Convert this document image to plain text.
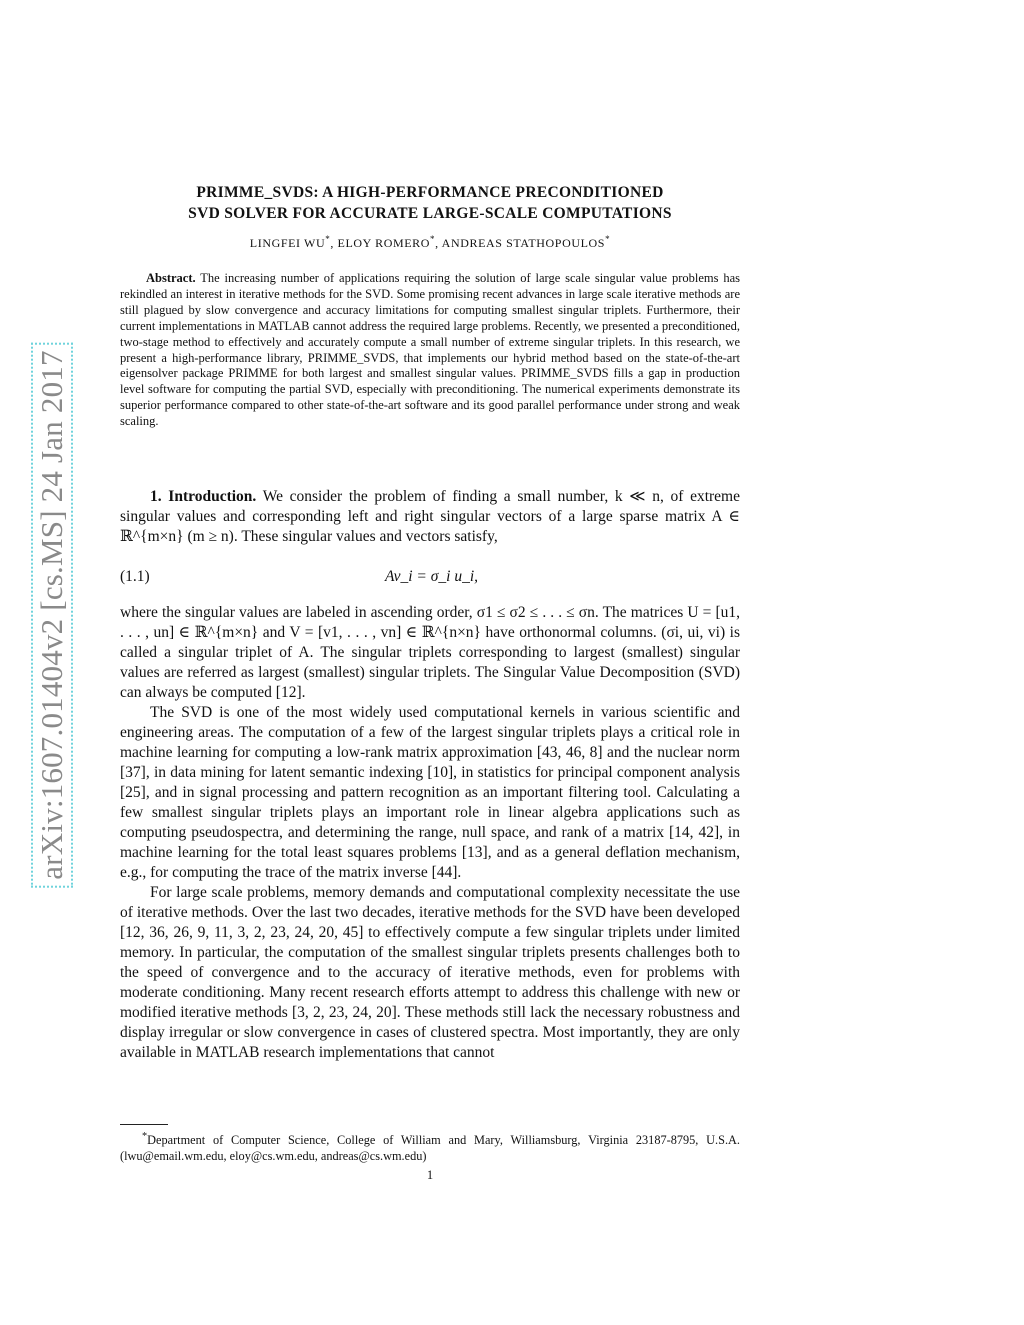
arXiv:1607.01404v2 [cs.MS] 24 Jan 2017
PRIMME_SVDS: A HIGH-PERFORMANCE PRECONDITIONED
SVD SOLVER FOR ACCURATE LARGE-SCALE COMPUTATIONS
LINGFEI WU*, ELOY ROMERO*, ANDREAS STATHOPOULOS*
Abstract. The increasing number of applications requiring the solution of large scale singular value problems has rekindled an interest in iterative methods for the SVD. Some promising recent advances in large scale iterative methods are still plagued by slow convergence and accuracy limitations for computing smallest singular triplets. Furthermore, their current implementations in MATLAB cannot address the required large problems. Recently, we presented a preconditioned, two-stage method to effectively and accurately compute a small number of extreme singular triplets. In this research, we present a high-performance library, PRIMME_SVDS, that implements our hybrid method based on the state-of-the-art eigensolver package PRIMME for both largest and smallest singular values. PRIMME_SVDS fills a gap in production level software for computing the partial SVD, especially with preconditioning. The numerical experiments demonstrate its superior performance compared to other state-of-the-art software and its good parallel performance under strong and weak scaling.

1. Introduction. We consider the problem of finding a small number, k ≪ n, of extreme singular values and corresponding left and right singular vectors of a large sparse matrix A ∈ ℝ^{m×n} (m ≥ n). These singular values and vectors satisfy,

(1.1)	Av_i = σ_i u_i,

where the singular values are labeled in ascending order, σ1 ≤ σ2 ≤ . . . ≤ σn. The matrices U = [u1, . . . , un] ∈ ℝ^{m×n} and V = [v1, . . . , vn] ∈ ℝ^{n×n} have orthonormal columns. (σi, ui, vi) is called a singular triplet of A. The singular triplets corresponding to largest (smallest) singular values are referred as largest (smallest) singular triplets. The Singular Value Decomposition (SVD) can always be computed [12].

The SVD is one of the most widely used computational kernels in various scientific and engineering areas. The computation of a few of the largest singular triplets plays a critical role in machine learning for computing a low-rank matrix approximation [43, 46, 8] and the nuclear norm [37], in data mining for latent semantic indexing [10], in statistics for principal component analysis [25], and in signal processing and pattern recognition as an important filtering tool. Calculating a few smallest singular triplets plays an important role in linear algebra applications such as computing pseudospectra, and determining the range, null space, and rank of a matrix [14, 42], in machine learning for the total least squares problems [13], and as a general deflation mechanism, e.g., for computing the trace of the matrix inverse [44].

For large scale problems, memory demands and computational complexity necessitate the use of iterative methods. Over the last two decades, iterative methods for the SVD have been developed [12, 36, 26, 9, 11, 3, 2, 23, 24, 20, 45] to effectively compute a few singular triplets under limited memory. In particular, the computation of the smallest singular triplets presents challenges both to the speed of convergence and to the accuracy of iterative methods, even for problems with moderate conditioning. Many recent research efforts attempt to address this challenge with new or modified iterative methods [3, 2, 23, 24, 20]. These methods still lack the necessary robustness and display irregular or slow convergence in cases of clustered spectra. Most importantly, they are only available in MATLAB research implementations that cannot

*Department of Computer Science, College of William and Mary, Williamsburg, Virginia 23187-8795, U.S.A. (lwu@email.wm.edu, eloy@cs.wm.edu, andreas@cs.wm.edu)

1
